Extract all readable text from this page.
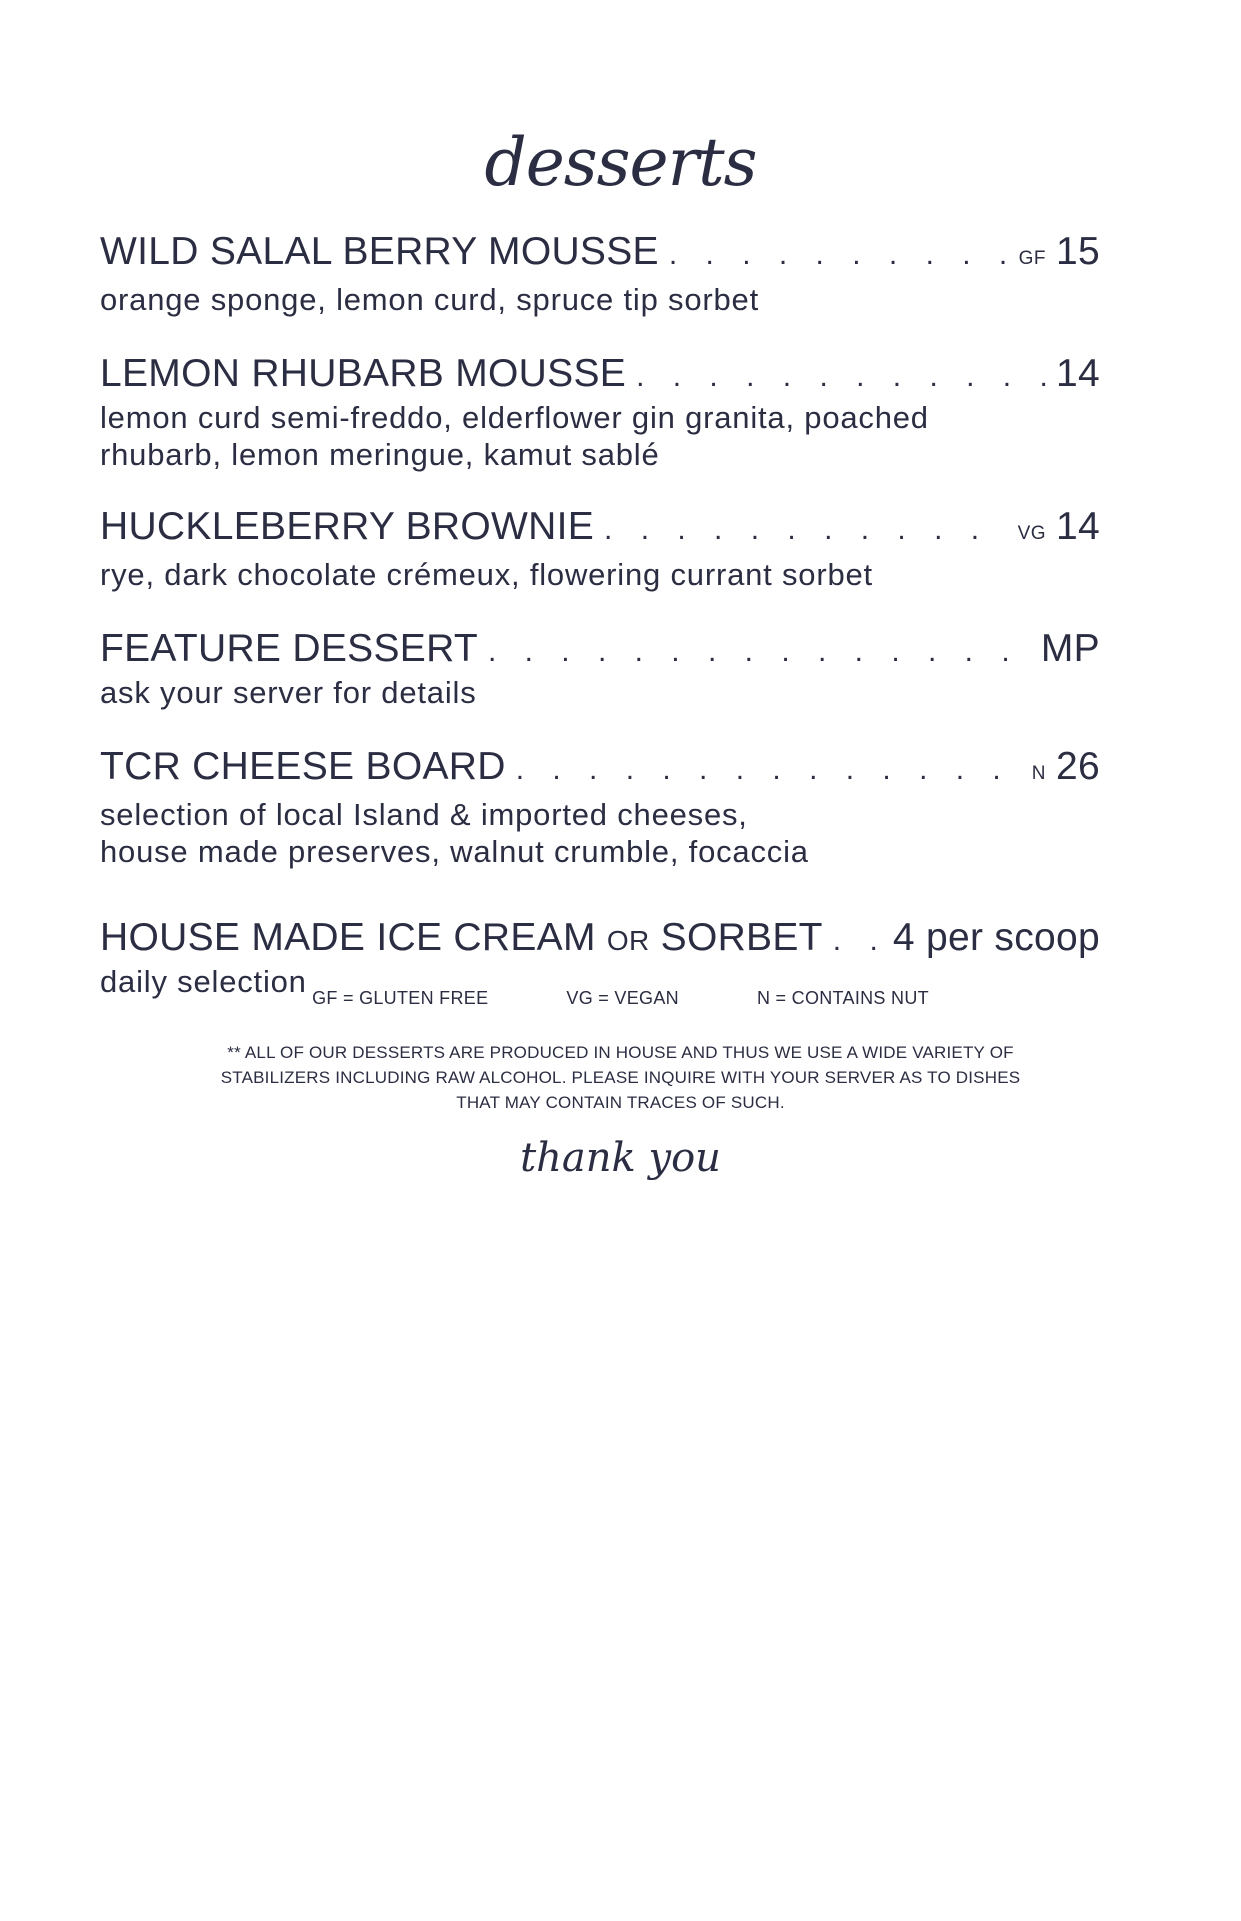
desserts
WILD SALAL BERRY MOUSSE . . .	GF 15
orange sponge, lemon curd, spruce tip sorbet
LEMON RHUBARB MOUSSE . . .	14
lemon curd semi-freddo, elderflower gin granita, poached
rhubarb, lemon meringue, kamut sablé
HUCKLEBERRY BROWNIE . . .	VG 14
rye, dark chocolate crémeux, flowering currant sorbet
FEATURE DESSERT . . .	MP
ask your server for details
TCR CHEESE BOARD . . .	N 26
selection of local Island & imported cheeses,
house made preserves, walnut crumble, focaccia
HOUSE MADE ICE CREAM OR SORBET . . . 4 per scoop
daily selection GF = GLUTEN FREE	VG = VEGAN	N = CONTAINS NUT
** ALL OF OUR DESSERTS ARE PRODUCED IN HOUSE AND THUS WE USE A WIDE VARIETY OF
STABILIZERS INCLUDING RAW ALCOHOL. PLEASE INQUIRE WITH YOUR SERVER AS TO DISHES
THAT MAY CONTAIN TRACES OF SUCH.
thank you
